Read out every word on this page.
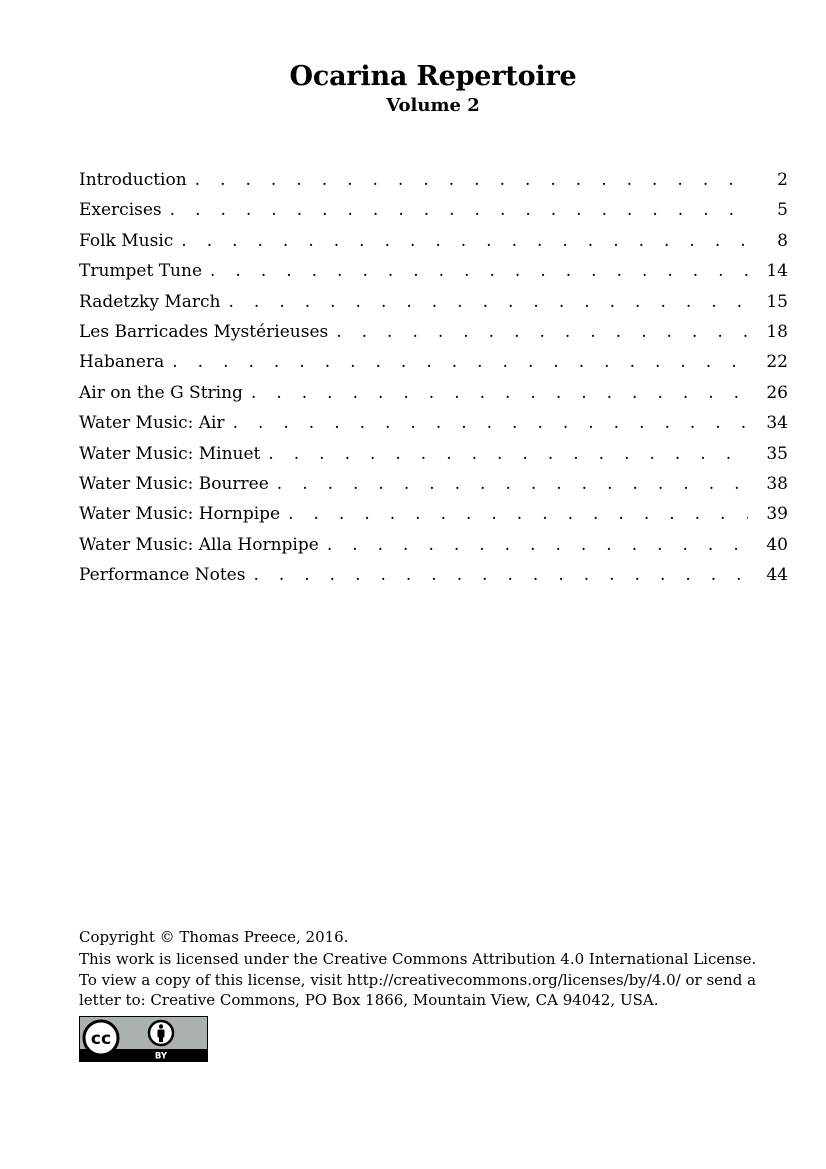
Ocarina Repertoire
Volume 2
Introduction . . .	2
Exercises . . .	5
Folk Music . . .	8
Trumpet Tune . . .	14
Radetzky March . . .	15
Les Barricades Mystérieuses . . .	18
Habanera . . .	22
Air on the G String . . .	26
Water Music: Air . . .	34
Water Music: Minuet . . .	35
Water Music: Bourree . . .	38
Water Music: Hornpipe . . .	39
Water Music: Alla Hornpipe . . .	40
Performance Notes . . .	44
Copyright © Thomas Preece, 2016.
This work is licensed under the Creative Commons Attribution 4.0 International License.
To view a copy of this license, visit http://creativecommons.org/licenses/by/4.0/ or send a
letter to: Creative Commons, PO Box 1866, Mountain View, CA 94042, USA.
cc
BY
